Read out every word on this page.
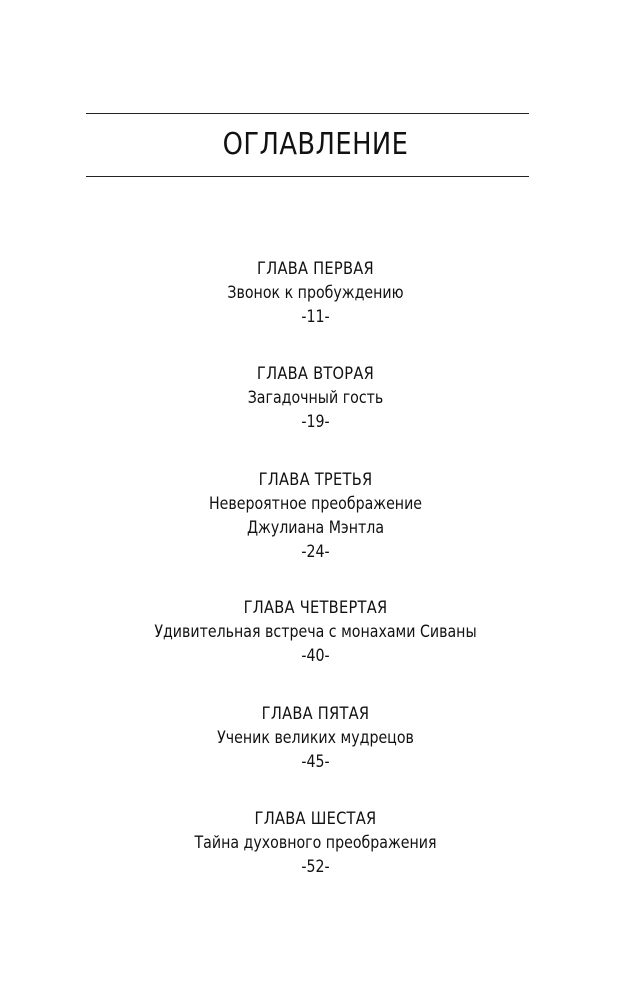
ОГЛАВЛЕНИЕ
ГЛАВА ПЕРВАЯ
Звонок к пробуждению
-11-
ГЛАВА ВТОРАЯ
Загадочный гость
-19-
ГЛАВА ТРЕТЬЯ
Невероятное преображение
Джулиана Мэнтла
-24-
ГЛАВА ЧЕТВЕРТАЯ
Удивительная встреча с монахами Сиваны
-40-
ГЛАВА ПЯТАЯ
Ученик великих мудрецов
-45-
ГЛАВА ШЕСТАЯ
Тайна духовного преображения
-52-
